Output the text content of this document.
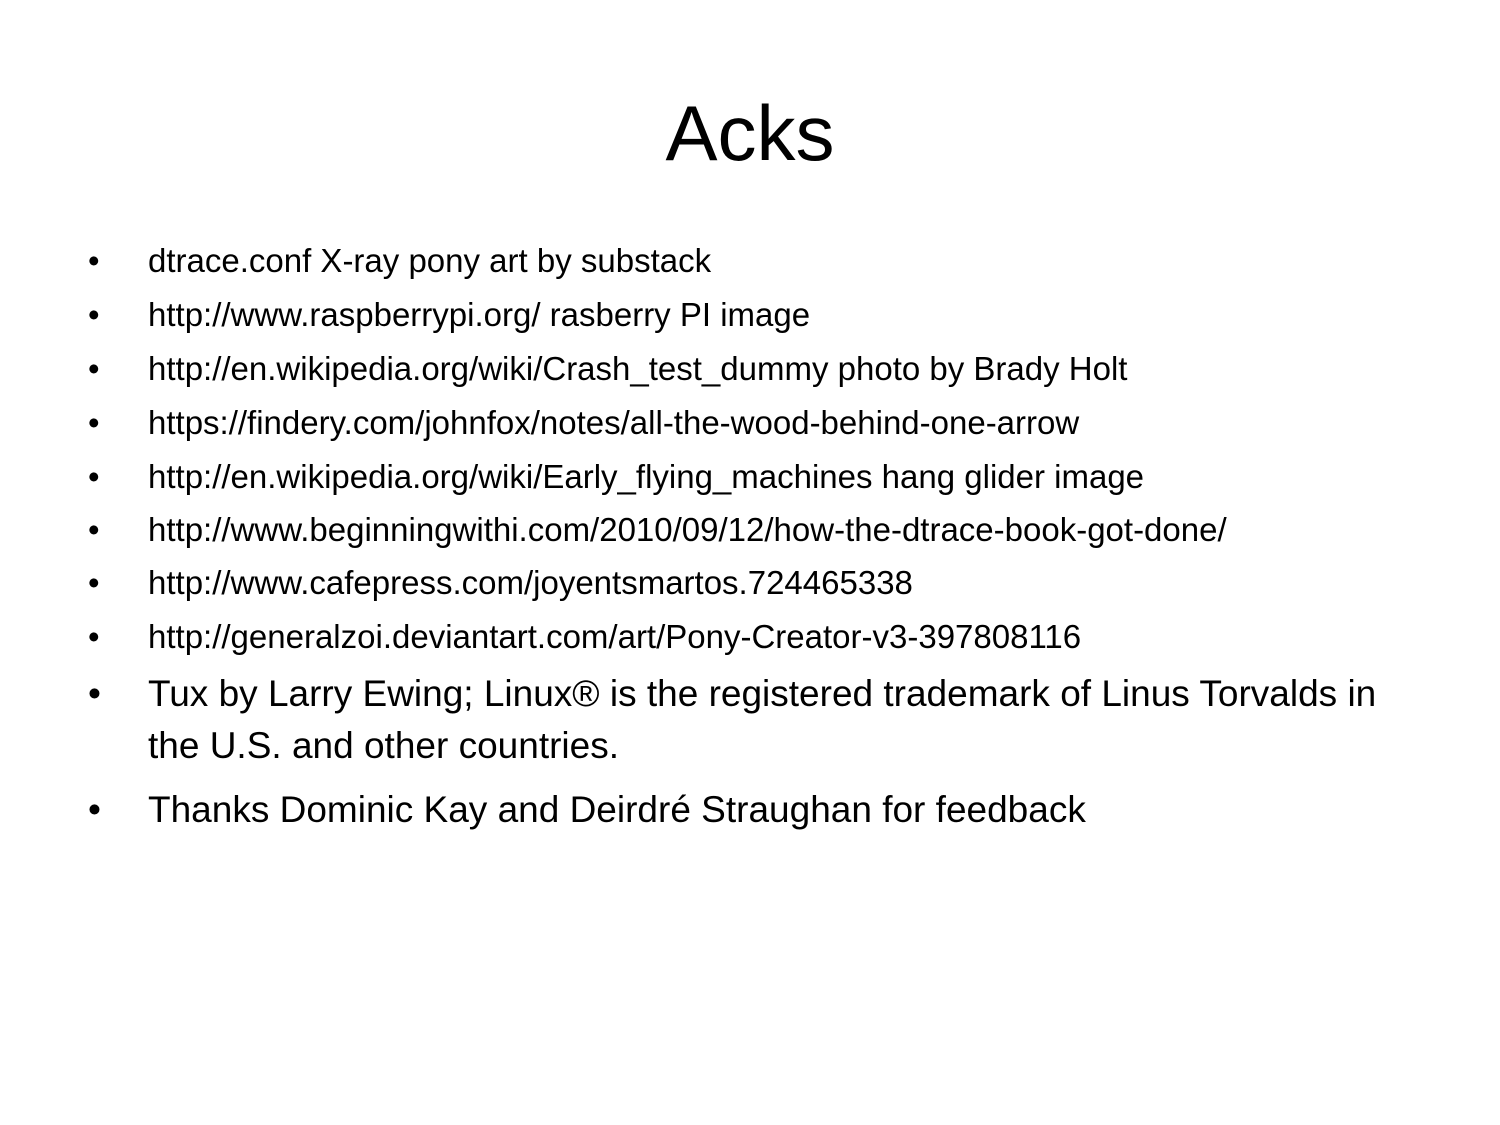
Acks
• dtrace.conf X-ray pony art by substack
• http://www.raspberrypi.org/ rasberry PI image
• http://en.wikipedia.org/wiki/Crash_test_dummy photo by Brady Holt
• https://findery.com/johnfox/notes/all-the-wood-behind-one-arrow
• http://en.wikipedia.org/wiki/Early_flying_machines hang glider image
• http://www.beginningwithi.com/2010/09/12/how-the-dtrace-book-got-done/
• http://www.cafepress.com/joyentsmartos.724465338
• http://generalzoi.deviantart.com/art/Pony-Creator-v3-397808116
• Tux by Larry Ewing; Linux® is the registered trademark of Linus Torvalds in the U.S. and other countries.
• Thanks Dominic Kay and Deirdré Straughan for feedback
